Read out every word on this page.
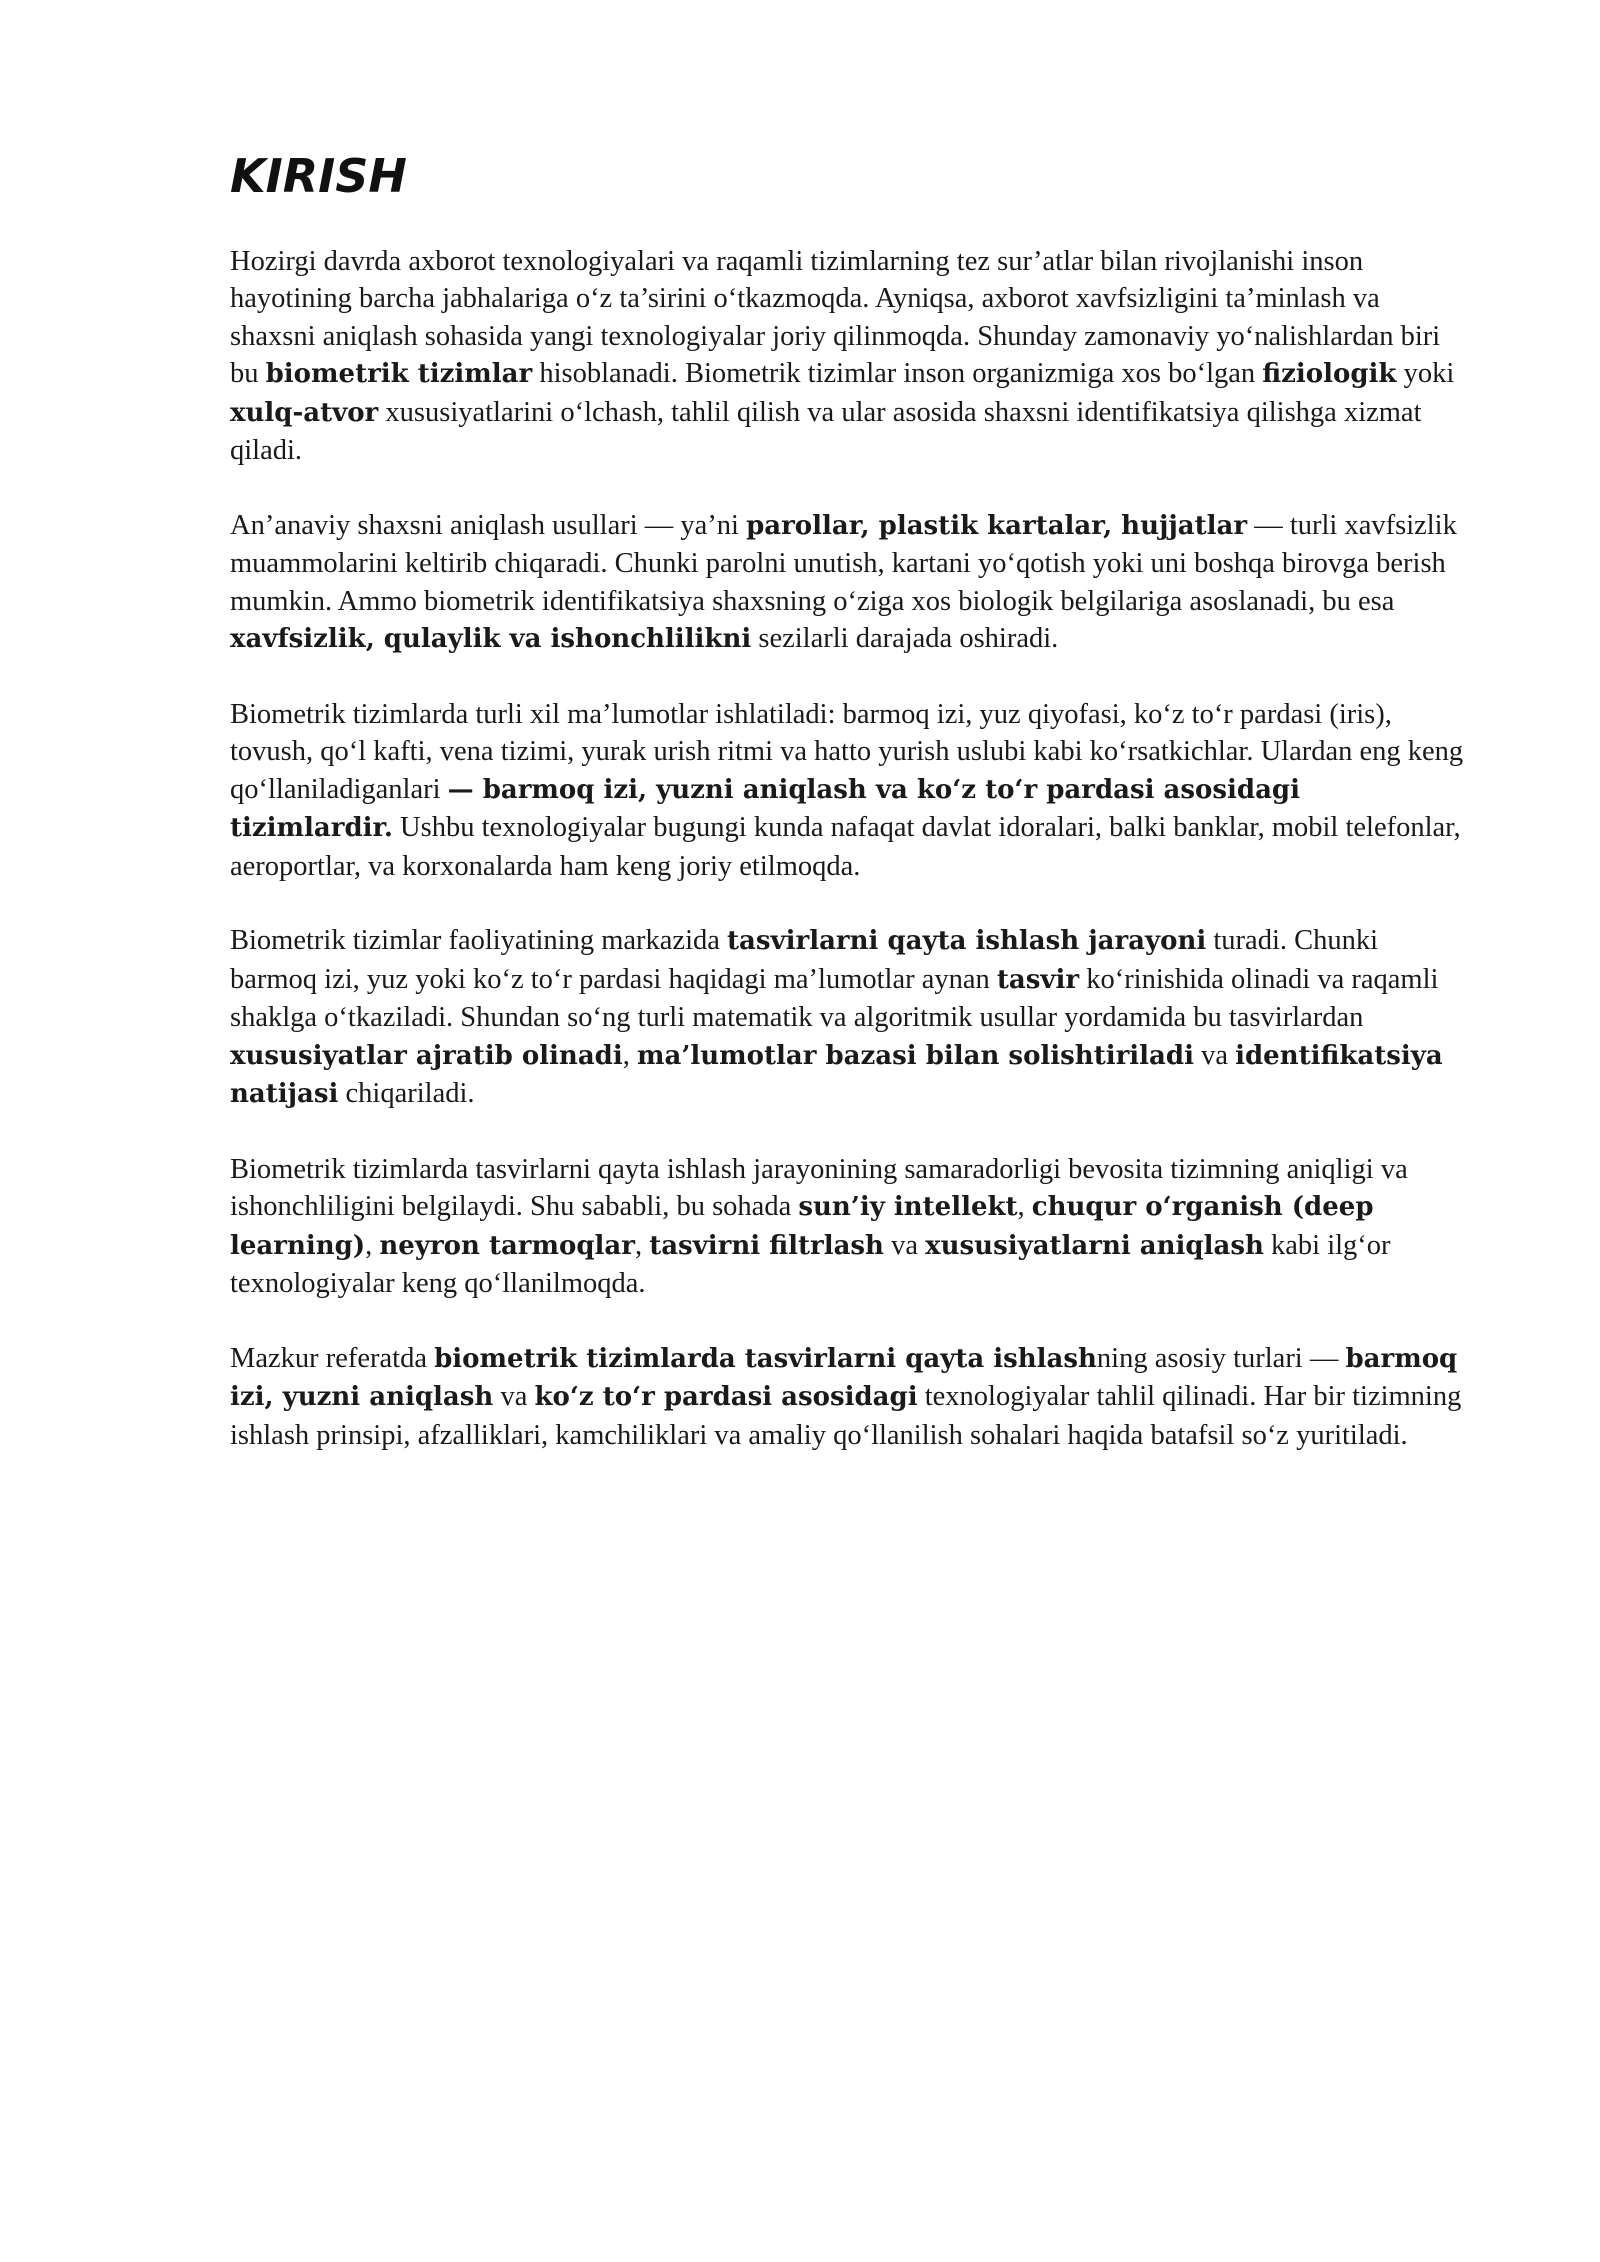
KIRISH

Hozirgi davrda axborot texnologiyalari va raqamli tizimlarning tez sur’atlar bilan rivojlanishi inson hayotining barcha jabhalariga o‘z ta’sirini o‘tkazmoqda. Ayniqsa, axborot xavfsizligini ta’minlash va shaxsni aniqlash sohasida yangi texnologiyalar joriy qilinmoqda. Shunday zamonaviy yo‘nalishlardan biri bu biometrik tizimlar hisoblanadi. Biometrik tizimlar inson organizmiga xos bo‘lgan fiziologik yoki xulq-atvor xususiyatlarini o‘lchash, tahlil qilish va ular asosida shaxsni identifikatsiya qilishga xizmat qiladi.

An’anaviy shaxsni aniqlash usullari — ya’ni parollar, plastik kartalar, hujjatlar — turli xavfsizlik muammolarini keltirib chiqaradi. Chunki parolni unutish, kartani yo‘qotish yoki uni boshqa birovga berish mumkin. Ammo biometrik identifikatsiya shaxsning o‘ziga xos biologik belgilariga asoslanadi, bu esa xavfsizlik, qulaylik va ishonchlilikni sezilarli darajada oshiradi.

Biometrik tizimlarda turli xil ma’lumotlar ishlatiladi: barmoq izi, yuz qiyofasi, ko‘z to‘r pardasi (iris), tovush, qo‘l kafti, vena tizimi, yurak urish ritmi va hatto yurish uslubi kabi ko‘rsatkichlar. Ulardan eng keng qo‘llaniladiganlari — barmoq izi, yuzni aniqlash va ko‘z to‘r pardasi asosidagi tizimlardir. Ushbu texnologiyalar bugungi kunda nafaqat davlat idoralari, balki banklar, mobil telefonlar, aeroportlar, va korxonalarda ham keng joriy etilmoqda.

Biometrik tizimlar faoliyatining markazida tasvirlarni qayta ishlash jarayoni turadi. Chunki barmoq izi, yuz yoki ko‘z to‘r pardasi haqidagi ma’lumotlar aynan tasvir ko‘rinishida olinadi va raqamli shaklga o‘tkaziladi. Shundan so‘ng turli matematik va algoritmik usullar yordamida bu tasvirlardan xususiyatlar ajratib olinadi, ma’lumotlar bazasi bilan solishtiriladi va identifikatsiya natijasi chiqariladi.

Biometrik tizimlarda tasvirlarni qayta ishlash jarayonining samaradorligi bevosita tizimning aniqligi va ishonchliligini belgilaydi. Shu sababli, bu sohada sun’iy intellekt, chuqur o‘rganish (deep learning), neyron tarmoqlar, tasvirni filtrlash va xususiyatlarni aniqlash kabi ilg‘or texnologiyalar keng qo‘llanilmoqda.

Mazkur referatda biometrik tizimlarda tasvirlarni qayta ishlashning asosiy turlari — barmoq izi, yuzni aniqlash va ko‘z to‘r pardasi asosidagi texnologiyalar tahlil qilinadi. Har bir tizimning ishlash prinsipi, afzalliklari, kamchiliklari va amaliy qo‘llanilish sohalari haqida batafsil so‘z yuritiladi.
